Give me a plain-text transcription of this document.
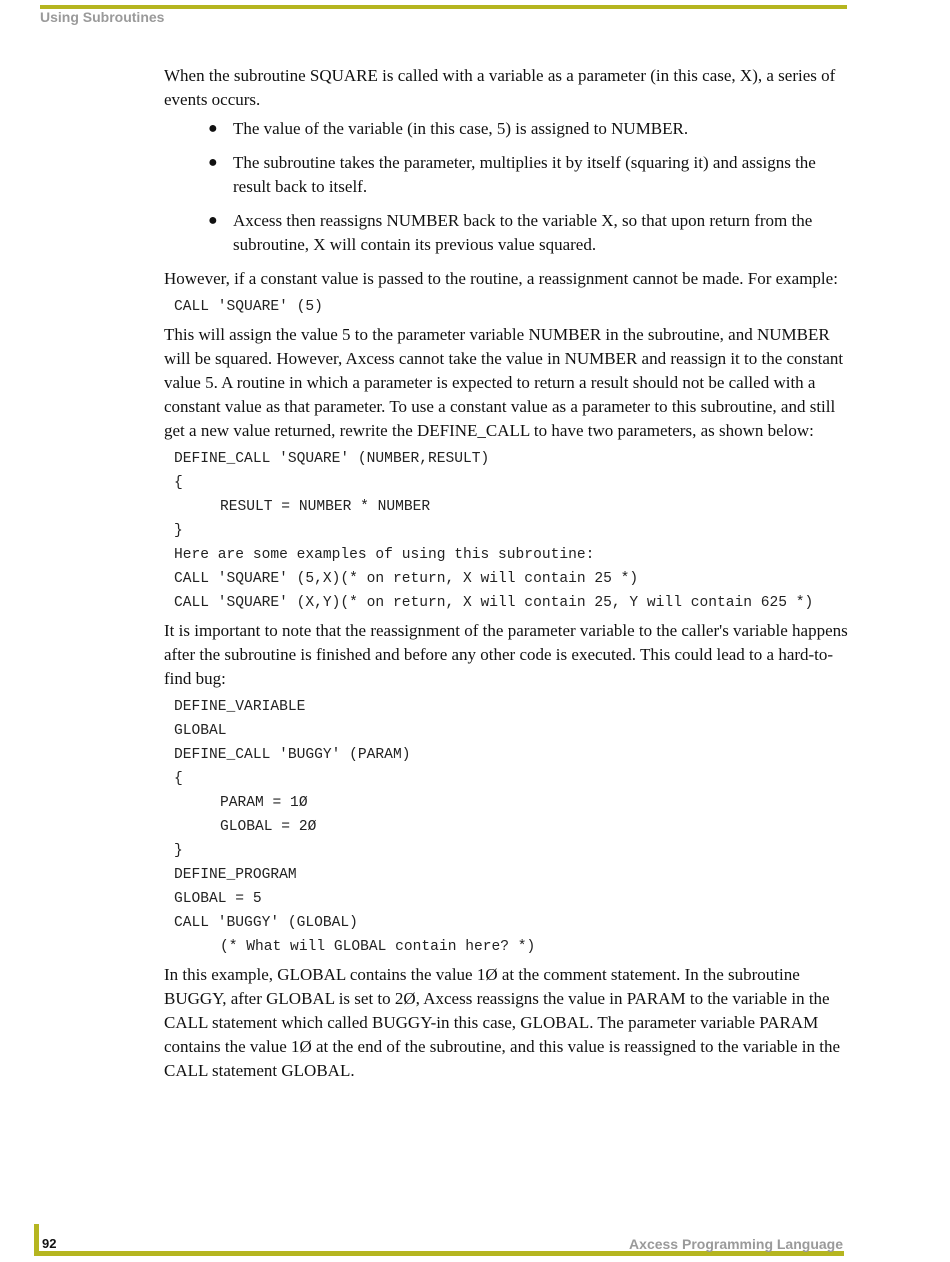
Using Subroutines

When the subroutine SQUARE is called with a variable as a parameter (in this case, X), a series of events occurs.

● The value of the variable (in this case, 5) is assigned to NUMBER.
● The subroutine takes the parameter, multiplies it by itself (squaring it) and assigns the result back to itself.
● Axcess then reassigns NUMBER back to the variable X, so that upon return from the subroutine, X will contain its previous value squared.

However, if a constant value is passed to the routine, a reassignment cannot be made. For example:

CALL 'SQUARE' (5)

This will assign the value 5 to the parameter variable NUMBER in the subroutine, and NUMBER will be squared. However, Axcess cannot take the value in NUMBER and reassign it to the constant value 5. A routine in which a parameter is expected to return a result should not be called with a constant value as that parameter. To use a constant value as a parameter to this subroutine, and still get a new value returned, rewrite the DEFINE_CALL to have two parameters, as shown below:

DEFINE_CALL 'SQUARE' (NUMBER,RESULT)
{
RESULT = NUMBER * NUMBER
}
Here are some examples of using this subroutine:
CALL 'SQUARE' (5,X)(* on return, X will contain 25 *)
CALL 'SQUARE' (X,Y)(* on return, X will contain 25, Y will contain 625 *)

It is important to note that the reassignment of the parameter variable to the caller's variable happens after the subroutine is finished and before any other code is executed. This could lead to a hard-to-find bug:

DEFINE_VARIABLE
GLOBAL
DEFINE_CALL 'BUGGY' (PARAM)
{
PARAM = 1Ø
GLOBAL = 2Ø
}
DEFINE_PROGRAM
GLOBAL = 5
CALL 'BUGGY' (GLOBAL)
(* What will GLOBAL contain here? *)

In this example, GLOBAL contains the value 1Ø at the comment statement. In the subroutine BUGGY, after GLOBAL is set to 2Ø, Axcess reassigns the value in PARAM to the variable in the CALL statement which called BUGGY-in this case, GLOBAL. The parameter variable PARAM contains the value 1Ø at the end of the subroutine, and this value is reassigned to the variable in the CALL statement GLOBAL.

92	Axcess Programming Language
